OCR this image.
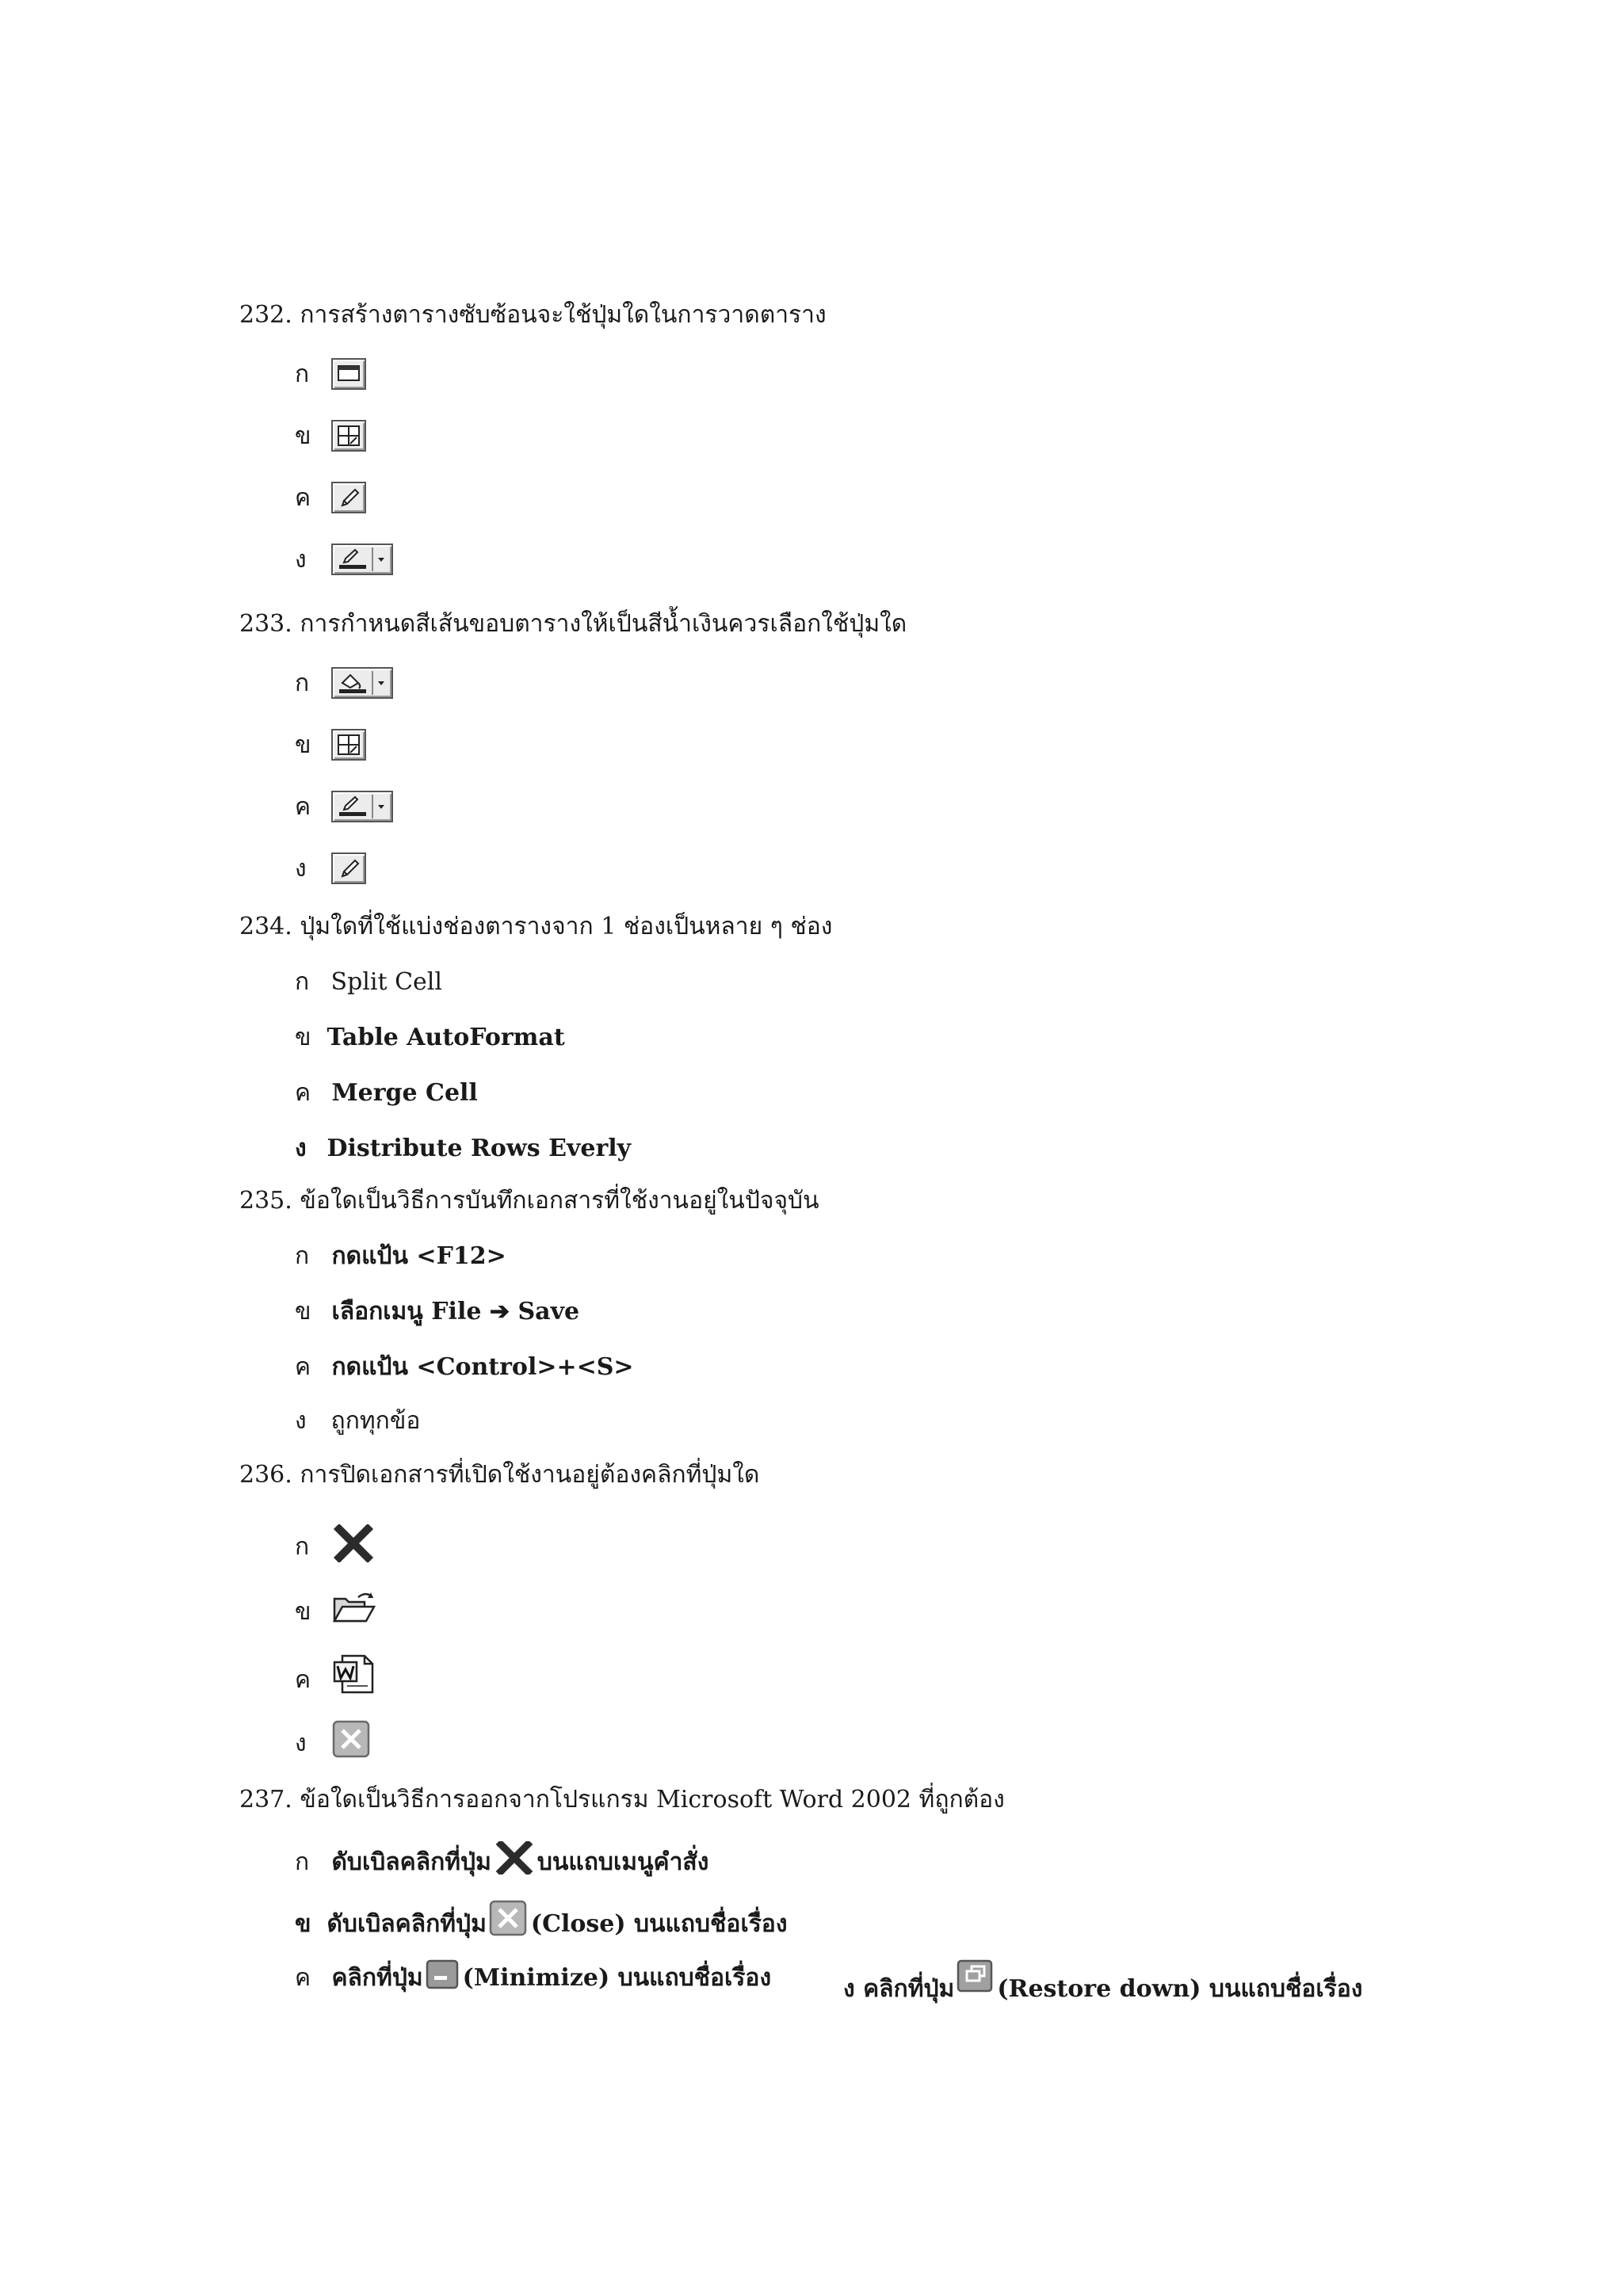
232. การสร้างตารางซับซ้อนจะใช้ปุ่มใดในการวาดตาราง
ก
ข
ค
ง
233. การกำหนดสีเส้นขอบตารางให้เป็นสีน้ำเงินควรเลือกใช้ปุ่มใด
ก
ข
ค
ง
234. ปุ่มใดที่ใช้แบ่งช่องตารางจาก 1 ช่องเป็นหลาย ๆ ช่อง
ก Split Cell
ข Table AutoFormat
ค Merge Cell
ง Distribute Rows Everly
235. ข้อใดเป็นวิธีการบันทึกเอกสารที่ใช้งานอยู่ในปัจจุบัน
ก กดแป้น <F12>
ข เลือกเมนู File ➔ Save
ค กดแป้น <Control>+<S>
ง ถูกทุกข้อ
236. การปิดเอกสารที่เปิดใช้งานอยู่ต้องคลิกที่ปุ่มใด
ก
ข
ค
ง
237. ข้อใดเป็นวิธีการออกจากโปรแกรม Microsoft Word 2002 ที่ถูกต้อง
ก ดับเบิลคลิกที่ปุ่ม บนแถบเมนูคำสั่ง
ข ดับเบิลคลิกที่ปุ่ม (Close) บนแถบชื่อเรื่อง
ค คลิกที่ปุ่ม (Minimize) บนแถบชื่อเรื่อง	ง คลิกที่ปุ่ม (Restore down) บนแถบชื่อเรื่อง
